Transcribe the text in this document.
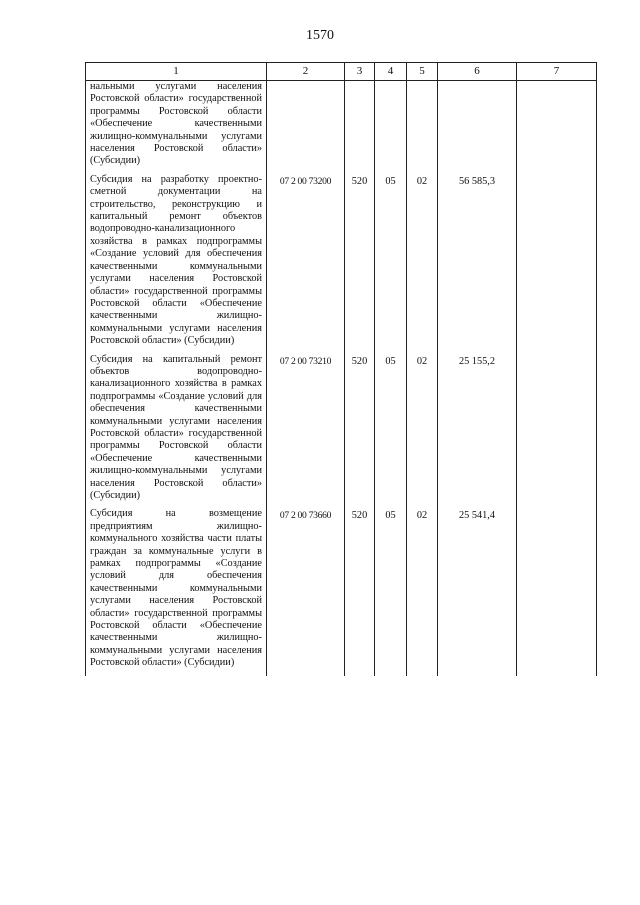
1570
1	2	3	4	5	6	7
нальными услугами населения Ростовской области» государственной программы Ростовской области «Обеспечение качественными жилищно-коммунальными услугами населения Ростовской области» (Субсидии)						
Субсидия на разработку проектно-сметной документации на строительство, реконструкцию и капитальный ремонт объектов водопроводно-канализационного хозяйства в рамках подпрограммы «Создание условий для обеспечения качественными коммунальными услугами населения Ростовской области» государственной программы Ростовской области «Обеспечение качественными жилищно-коммунальными услугами населения Ростовской области» (Субсидии)	07 2 00 73200	520	05	02	56 585,3	
Субсидия на капитальный ремонт объектов водопроводно-канализационного хозяйства в рамках подпрограммы «Создание условий для обеспечения качественными коммунальными услугами населения Ростовской области» государственной программы Ростовской области «Обеспечение качественными жилищно-коммунальными услугами населения Ростовской области» (Субсидии)	07 2 00 73210	520	05	02	25 155,2	
Субсидия на возмещение предприятиям жилищно-коммунального хозяйства части платы граждан за коммунальные услуги в рамках подпрограммы «Создание условий для обеспечения качественными коммунальными услугами населения Ростовской области» государственной программы Ростовской области «Обеспечение качественными жилищно-коммунальными услугами населения Ростовской области» (Субсидии)	07 2 00 73660	520	05	02	25 541,4	
